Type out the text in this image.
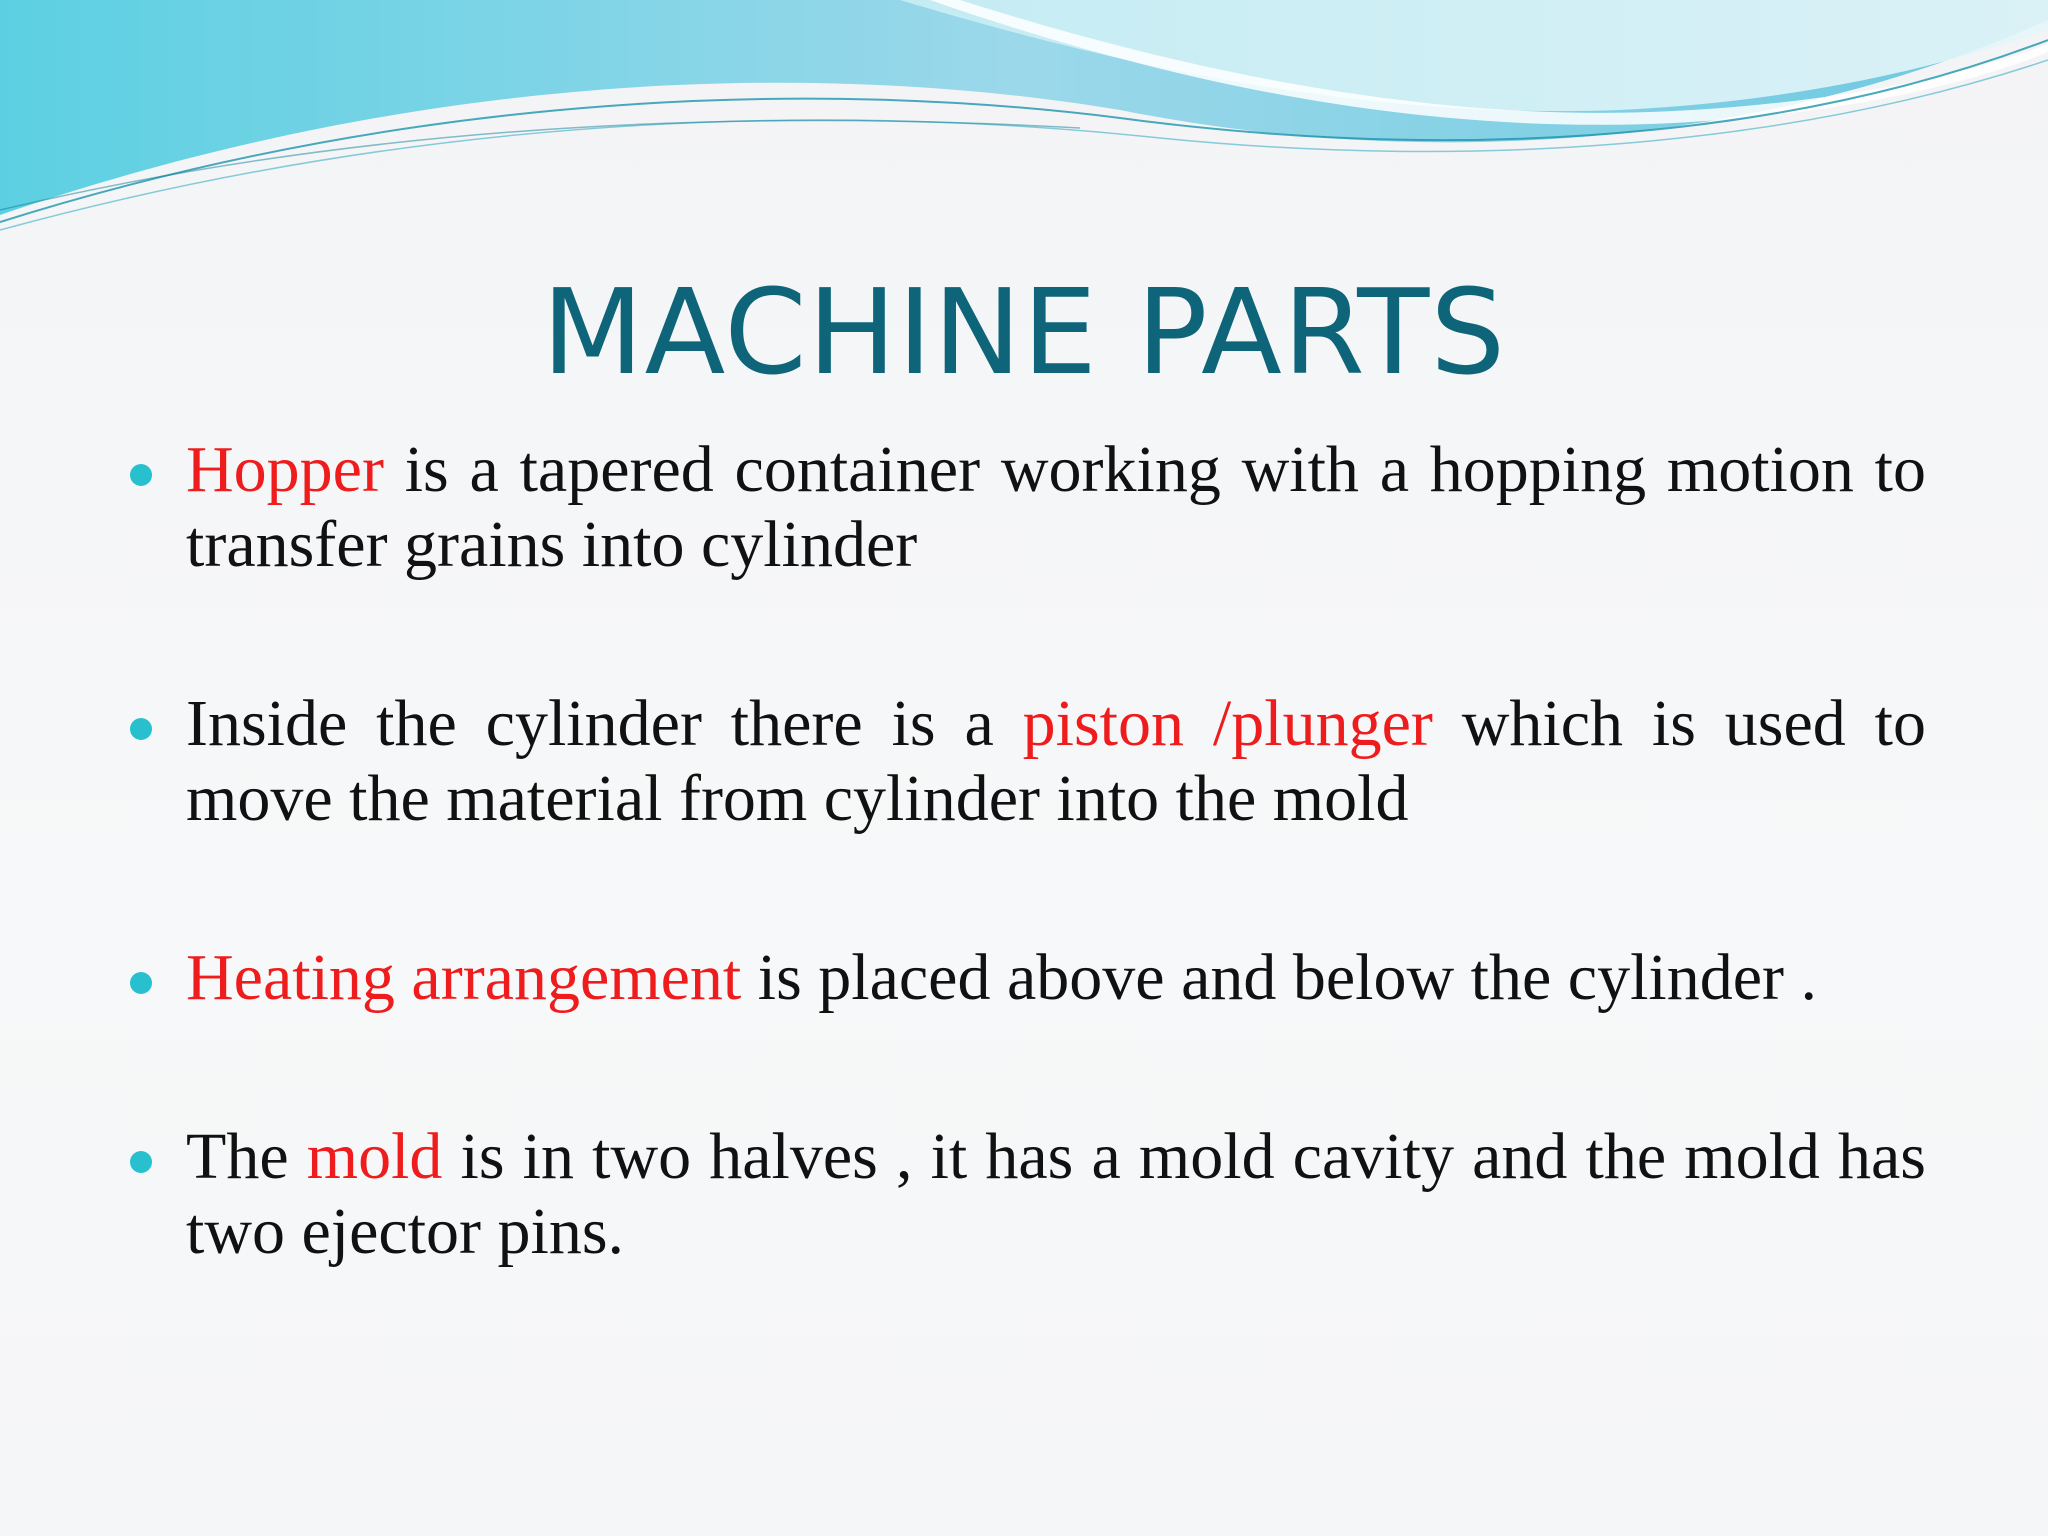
MACHINE PARTS
Hopper is a tapered container working with a hopping motion to transfer grains into cylinder
Inside the cylinder there is a piston /plunger which is used to move the material from cylinder into the mold
Heating arrangement is placed above and below the cylinder .
The mold is in two halves , it has a mold cavity and the mold has two ejector pins.
